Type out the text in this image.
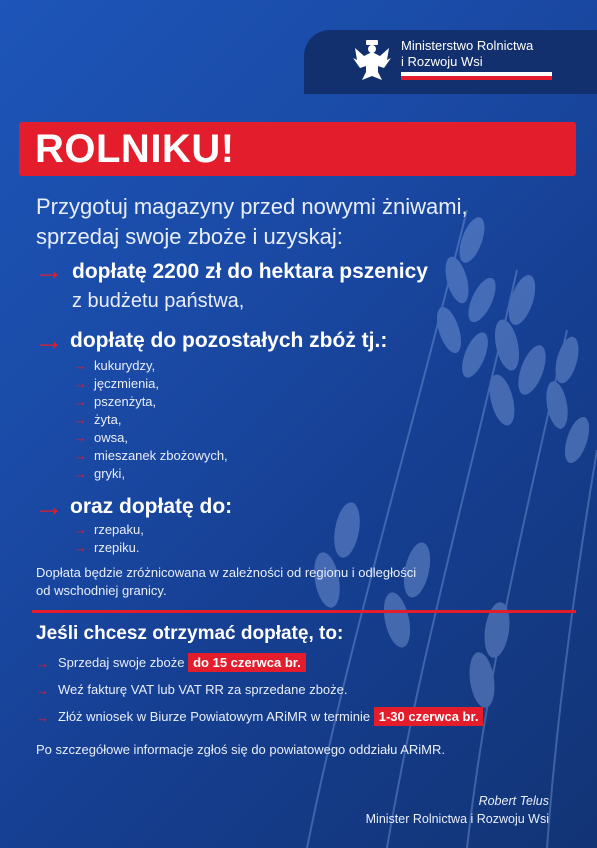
Ministerstwo Rolnictwa
i Rozwoju Wsi
ROLNIKU!
Przygotuj magazyny przed nowymi żniwami,
sprzedaj swoje zboże i uzyskaj:
→ dopłatę 2200 zł do hektara pszenicy
z budżetu państwa,
→ dopłatę do pozostałych zbóż tj.:
→ kukurydzy,
→ jęczmienia,
→ pszenżyta,
→ żyta,
→ owsa,
→ mieszanek zbożowych,
→ gryki,
→ oraz dopłatę do:
→ rzepaku,
→ rzepiku.
Dopłata będzie zróżnicowana w zależności od regionu i odległości
od wschodniej granicy.
Jeśli chcesz otrzymać dopłatę, to:
→ Sprzedaj swoje zboże do 15 czerwca br.
→ Weź fakturę VAT lub VAT RR za sprzedane zboże.
→ Złóż wniosek w Biurze Powiatowym ARiMR w terminie 1-30 czerwca br.
Po szczegółowe informacje zgłoś się do powiatowego oddziału ARiMR.
Robert Telus
Minister Rolnictwa i Rozwoju Wsi
